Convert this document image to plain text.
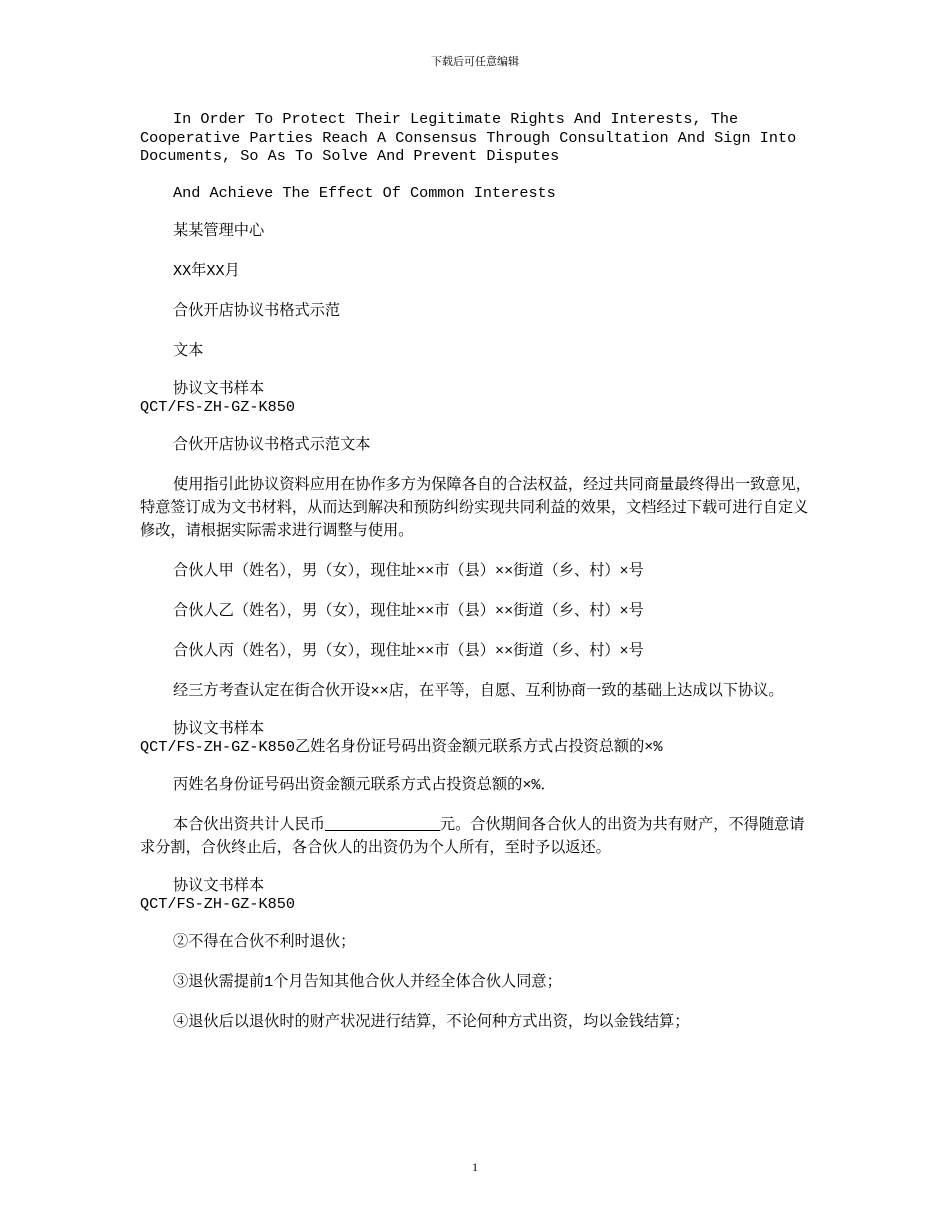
下载后可任意编辑
In Order To Protect Their Legitimate Rights And Interests, The Cooperative Parties Reach A Consensus Through Consultation And Sign Into Documents, So As To Solve And Prevent Disputes
And Achieve The Effect Of Common Interests
某某管理中心
XX年XX月
合伙开店协议书格式示范
文本
协议文书样本
QCT/FS-ZH-GZ-K850
合伙开店协议书格式示范文本
使用指引此协议资料应用在协作多方为保障各自的合法权益，经过共同商量最终得出一致意见，特意签订成为文书材料，从而达到解决和预防纠纷实现共同利益的效果，文档经过下载可进行自定义修改，请根据实际需求进行调整与使用。
合伙人甲（姓名），男（女），现住址××市（县）××街道（乡、村）×号
合伙人乙（姓名），男（女），现住址××市（县）××街道（乡、村）×号
合伙人丙（姓名），男（女），现住址××市（县）××街道（乡、村）×号
经三方考查认定在街合伙开设××店，在平等，自愿、互利协商一致的基础上达成以下协议。
协议文书样本
QCT/FS-ZH-GZ-K850乙姓名身份证号码出资金额元联系方式占投资总额的×%
丙姓名身份证号码出资金额元联系方式占投资总额的×%．
本合伙出资共计人民币	元。合伙期间各合伙人的出资为共有财产，不得随意请求分割，合伙终止后，各合伙人的出资仍为个人所有，至时予以返还。
协议文书样本
QCT/FS-ZH-GZ-K850
②不得在合伙不利时退伙；
③退伙需提前1个月告知其他合伙人并经全体合伙人同意；
④退伙后以退伙时的财产状况进行结算，不论何种方式出资，均以金钱结算；
1
